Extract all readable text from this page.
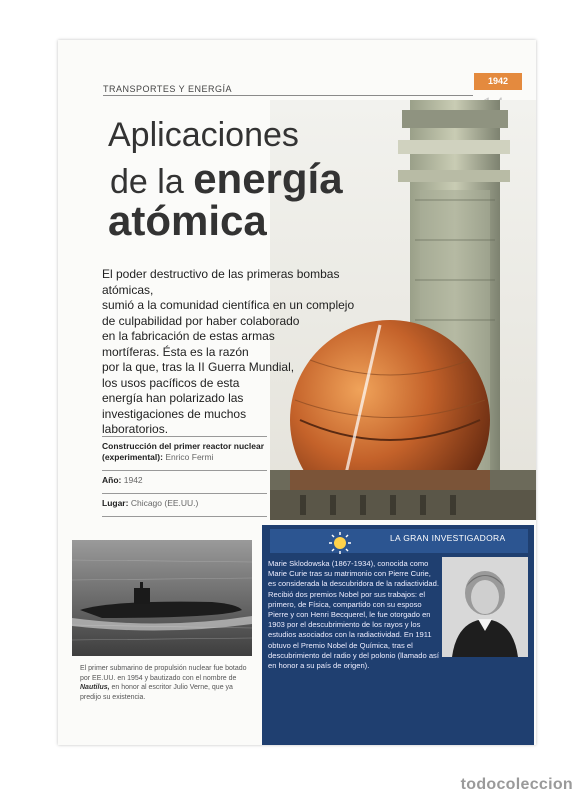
TRANSPORTES Y ENERGÍA
1942
Aplicaciones
de la energía
atómica

El poder destructivo de las primeras bombas atómicas,

sumió a la comunidad científica en un complejo

de culpabilidad por haber colaborado

en la fabricación de estas armas

mortíferas. Ésta es la razón

por la que, tras la II Guerra Mundial,

los usos pacíficos de esta

energía han polarizado las

investigaciones de muchos

laboratorios.

Construcción del primer reactor nuclear (experimental): Enrico Fermi
Año: 1942
Lugar: Chicago (EE.UU.)
El primer submarino de propulsión nuclear fue botado por EE.UU. en 1954 y bautizado con el nombre de Nautilus, en honor al escritor Julio Verne, que ya predijo su existencia.
LA GRAN INVESTIGADORA
Marie Sklodowska (1867-1934), conocida como Marie Curie tras su matrimonio con Pierre Curie, es considerada la descubridora de la radiactividad. Recibió dos premios Nobel por sus trabajos: el primero, de Física, compartido con su esposo Pierre y con Henri Becquerel, le fue otorgado en 1903 por el descubrimiento de los rayos y los estudios asociados con la radiactividad. En 1911 obtuvo el Premio Nobel de Química, tras el descubrimiento del radio y del polonio (llamado así en honor a su país de origen).
todocoleccion
